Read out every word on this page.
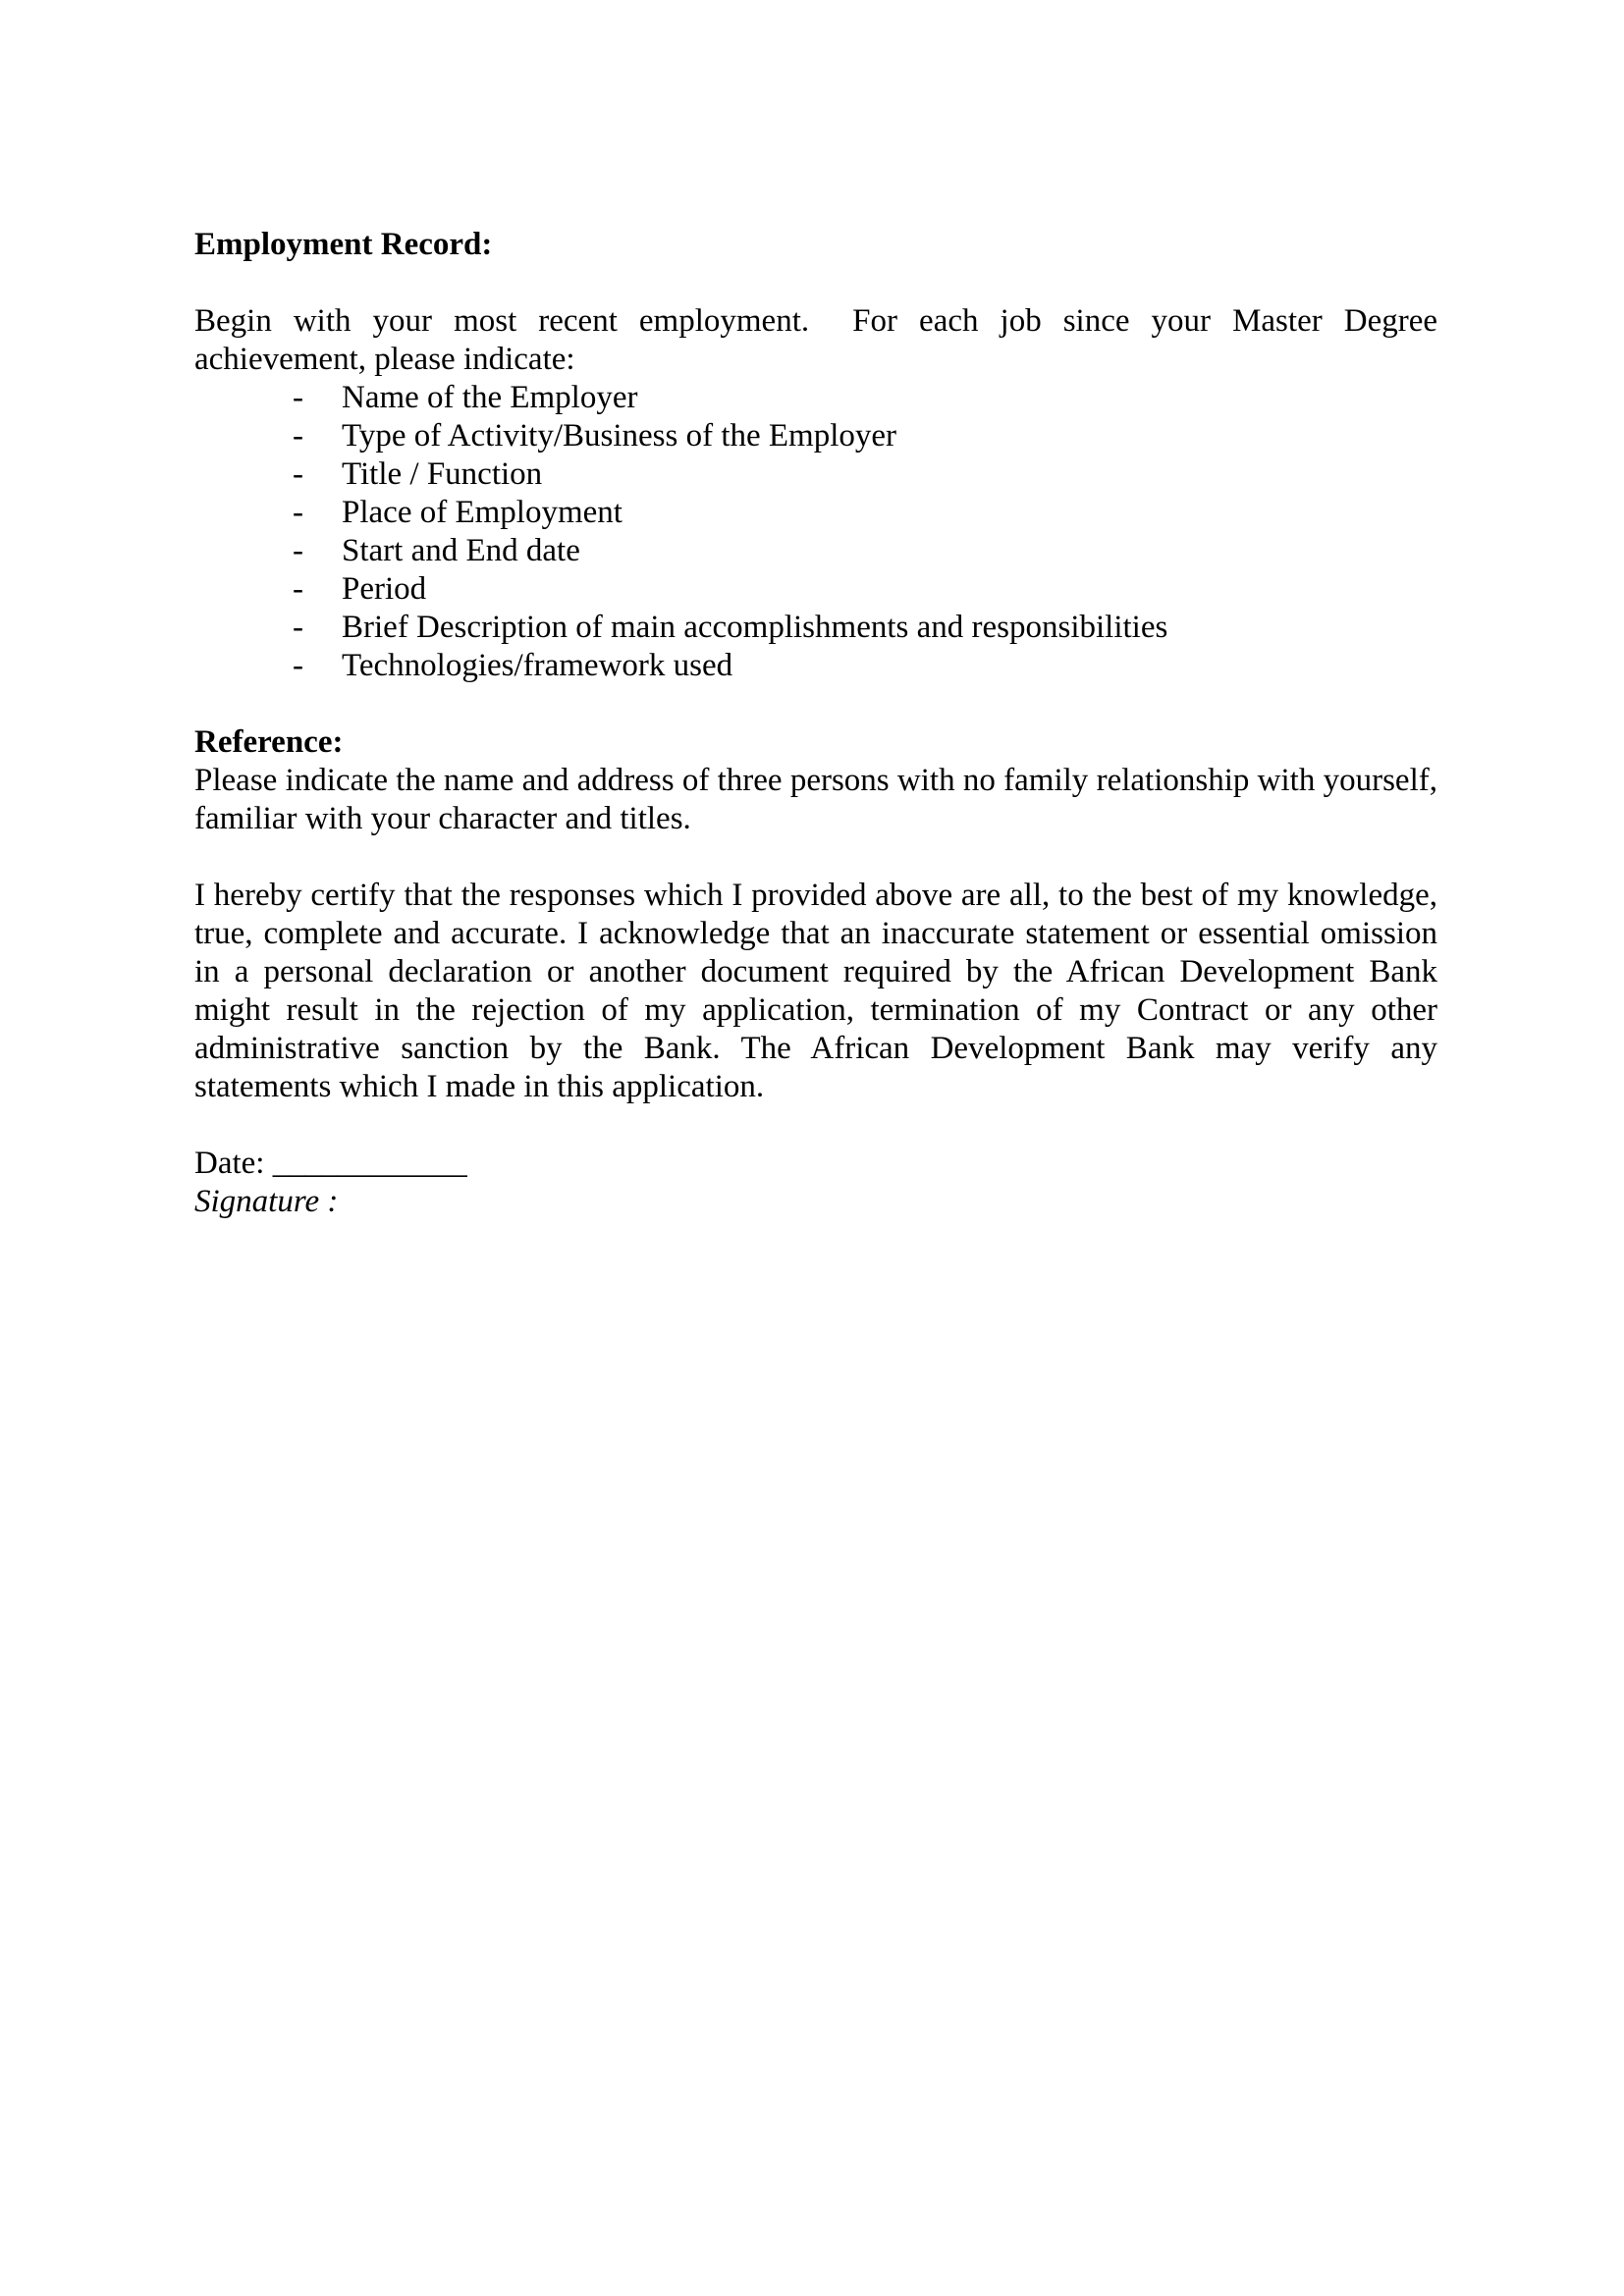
Employment Record:

Begin with your most recent employment.  For each job since your Master Degree achievement, please indicate:

- Name of the Employer
- Type of Activity/Business of the Employer
- Title / Function
- Place of Employment
- Start and End date
- Period
- Brief Description of main accomplishments and responsibilities
- Technologies/framework used

Reference:

Please indicate the name and address of three persons with no family relationship with yourself, familiar with your character and titles.

I hereby certify that the responses which I provided above are all, to the best of my knowledge, true, complete and accurate. I acknowledge that an inaccurate statement or essential omission in a personal declaration or another document required by the African Development Bank might result in the rejection of my application, termination of my Contract or any other administrative sanction by the Bank. The African Development Bank may verify any statements which I made in this application.

Date: ____________

Signature :
